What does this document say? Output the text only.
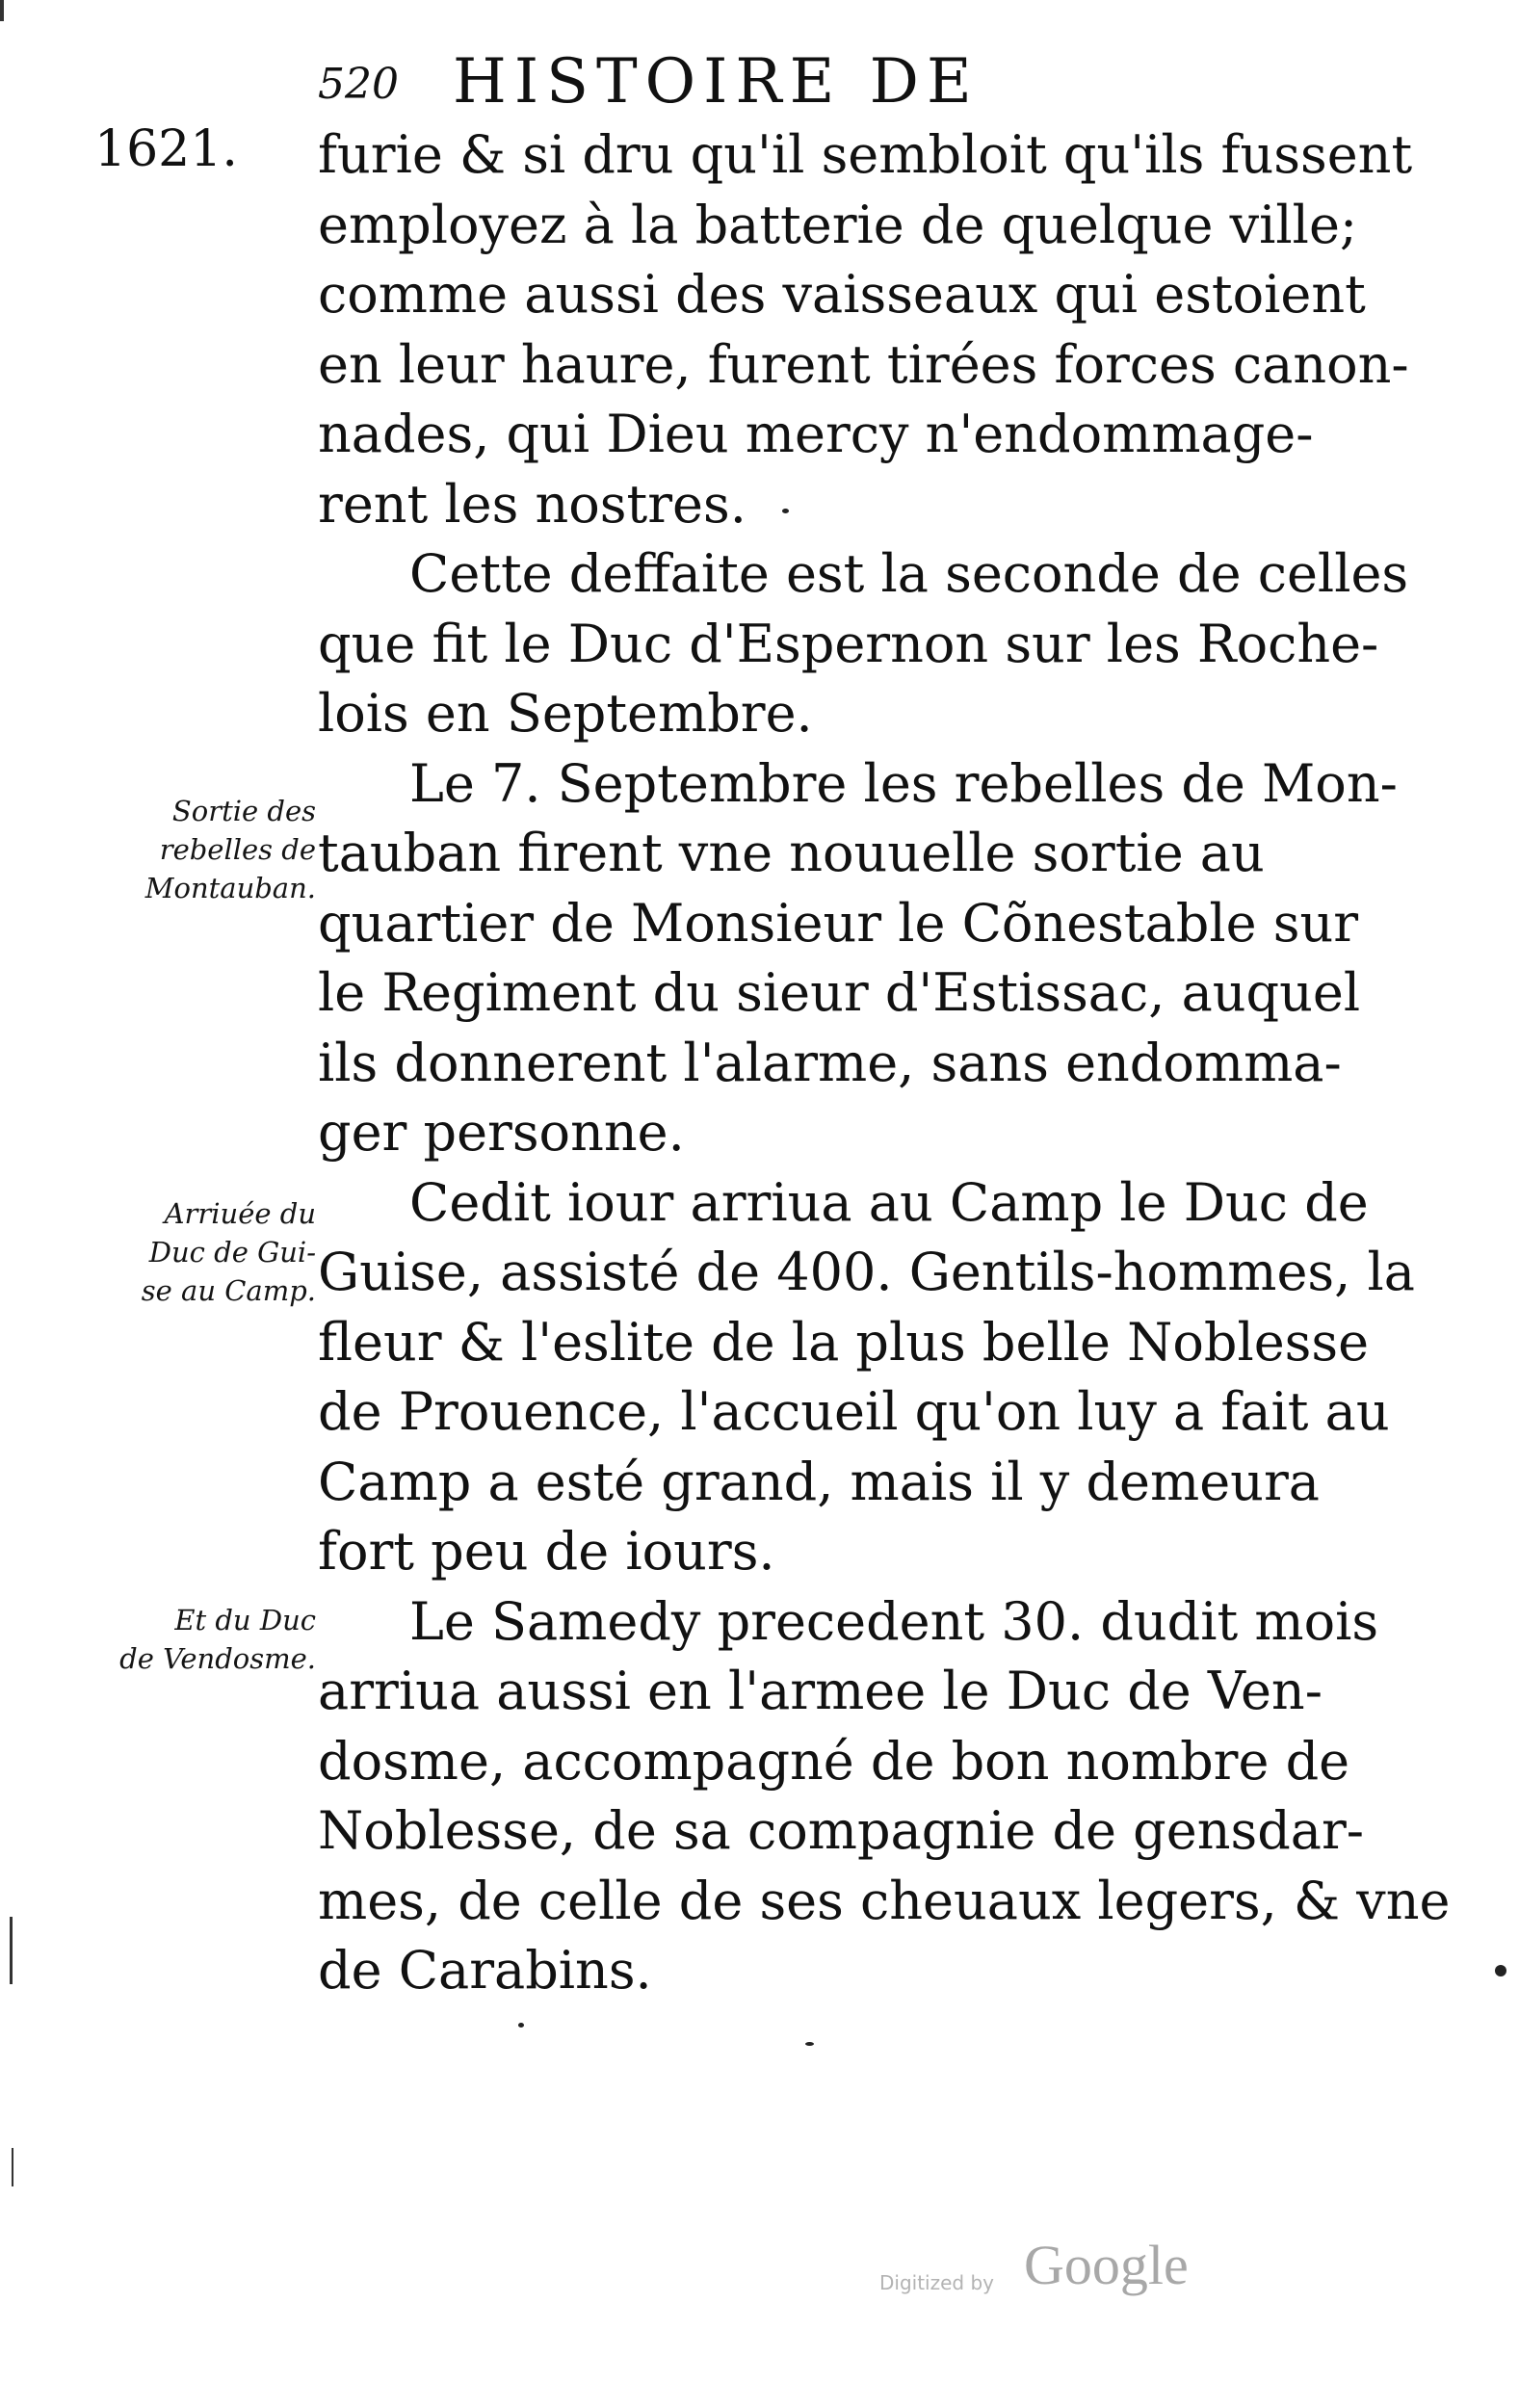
520 HISTOIRE DE
1621. furie & si dru qu'il sembloit qu'ils fussent
employez à la batterie de quelque ville;
comme aussi des vaisseaux qui estoient
en leur haure, furent tirées forces canon-
nades, qui Dieu mercy n'endommage-
rent les nostres.
Cette deffaite est la seconde de celles
que fit le Duc d'Espernon sur les Roche-
lois en Septembre.
Le 7. Septembre les rebelles de Mon-
tauban firent vne nouuelle sortie au
quartier de Monsieur le Cõnestable sur
le Regiment du sieur d'Estissac, auquel
ils donnerent l'alarme, sans endomma-
ger personne.
Cedit iour arriua au Camp le Duc de
Guise, assisté de 400. Gentils-hommes, la
fleur & l'eslite de la plus belle Noblesse
de Prouence, l'accueil qu'on luy a fait au
Camp a esté grand, mais il y demeura
fort peu de iours.
Le Samedy precedent 30. dudit mois
arriua aussi en l'armee le Duc de Ven-
dosme, accompagné de bon nombre de
Noblesse, de sa compagnie de gensdar-
mes, de celle de ses cheuaux legers, & vne
de Carabins.
Sortie des
rebelles de
Montauban.
Arriuée du
Duc de Gui-
se au Camp.
Et du Duc
de Vendosme.
Digitized by Google
